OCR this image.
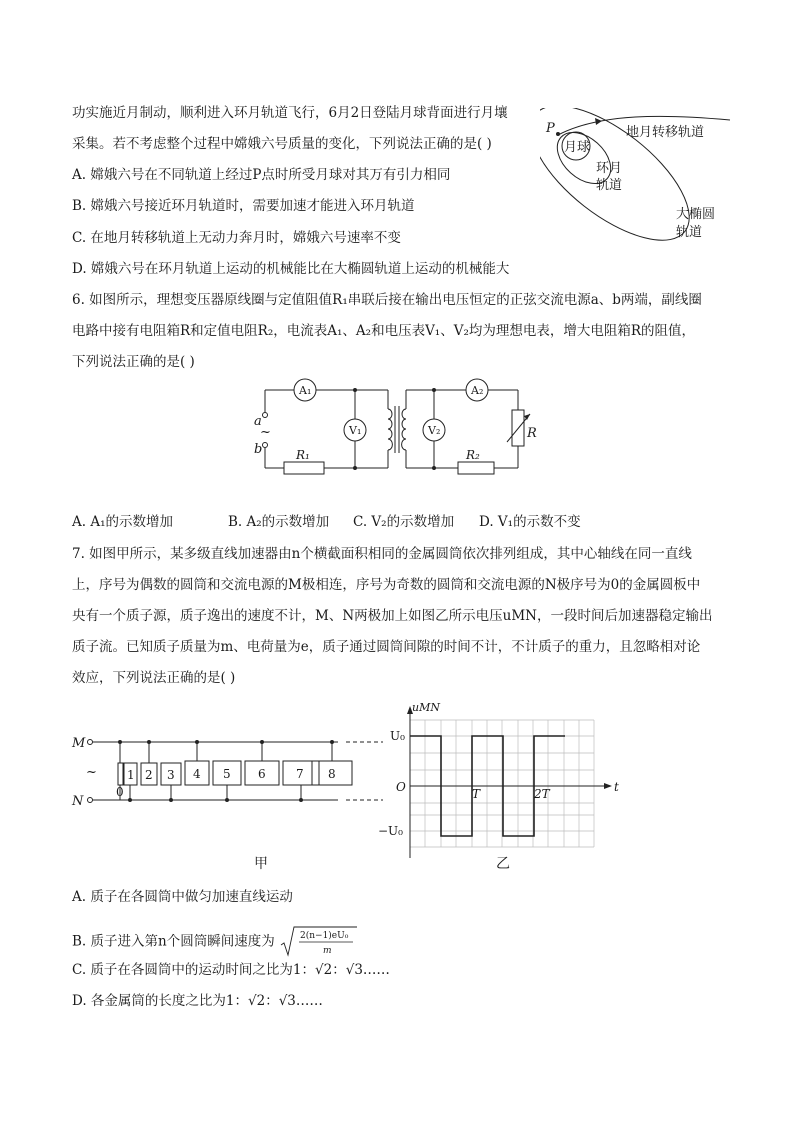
功实施近月制动，顺利进入环月轨道飞行，6月2日登陆月球背面进行月壤
采集。若不考虑整个过程中嫦娥六号质量的变化，下列说法正确的是( )
A. 嫦娥六号在不同轨道上经过P点时所受月球对其万有引力相同
B. 嫦娥六号接近环月轨道时，需要加速才能进入环月轨道
C. 在地月转移轨道上无动力奔月时，嫦娥六号速率不变
D. 嫦娥六号在环月轨道上运动的机械能比在大椭圆轨道上运动的机械能大
P
月球
地月转移轨道
环月
轨道
大椭圆
轨道
6. 如图所示，理想变压器原线圈与定值阻值R₁串联后接在输出电压恒定的正弦交流电源a、b两端，副线圈
电路中接有电阻箱R和定值电阻R₂，电流表A₁、A₂和电压表V₁、V₂均为理想电表，增大电阻箱R的阻值，
下列说法正确的是( )
A₁	A₂
V₁	V₂
a
~
b	R₁	R₂
R
A. A₁的示数增加	B. A₂的示数增加 C. V₂的示数增加 D. V₁的示数不变
7. 如图甲所示，某多级直线加速器由n个横截面积相同的金属圆筒依次排列组成，其中心轴线在同一直线
上，序号为偶数的圆筒和交流电源的M极相连，序号为奇数的圆筒和交流电源的N极序号为0的金属圆板中
央有一个质子源，质子逸出的速度不计，M、N两极加上如图乙所示电压uMN，一段时间后加速器稳定输出
质子流。已知质子质量为m、电荷量为e，质子通过圆筒间隙的时间不计，不计质子的重力，且忽略相对论
效应，下列说法正确的是( )
M
~
N
0
1 2 3 4 5 6	7 8
甲
uMN
U₀
O
−U₀
T	2T	t
乙
A. 质子在各圆筒中做匀加速直线运动
B. 质子进入第n个圆筒瞬间速度为	2(n−1)eU₀
m
C. 质子在各圆筒中的运动时间之比为1：√2：√3……
D. 各金属筒的长度之比为1：√2：√3……
